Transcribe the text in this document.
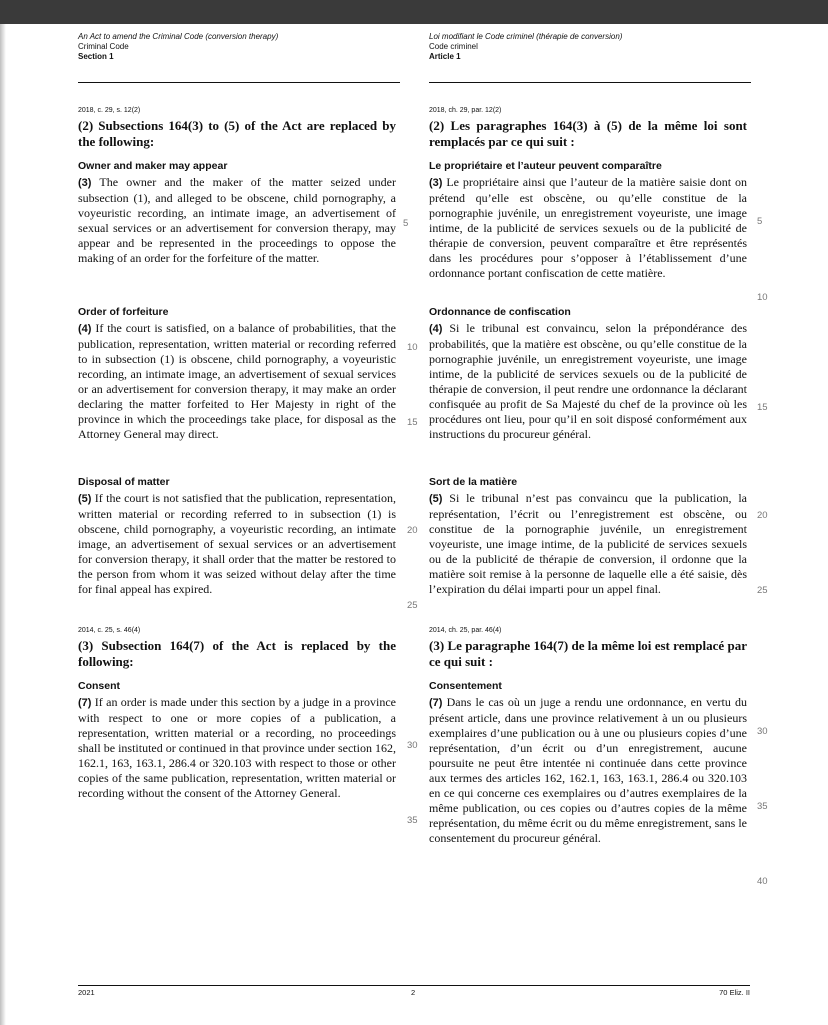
An Act to amend the Criminal Code (conversion therapy)
Criminal Code
Section 1
Loi modifiant le Code criminel (thérapie de conversion)
Code criminel
Article 1
2018, c. 29, s. 12(2)
(2) Subsections 164(3) to (5) of the Act are replaced by the following:
Owner and maker may appear
(3) The owner and the maker of the matter seized under subsection (1), and alleged to be obscene, child pornography, a voyeuristic recording, an intimate image, an advertisement of sexual services or an advertisement for conversion therapy, may appear and be represented in the proceedings to oppose the making of an order for the forfeiture of the matter.
Order of forfeiture
(4) If the court is satisfied, on a balance of probabilities, that the publication, representation, written material or recording referred to in subsection (1) is obscene, child pornography, a voyeuristic recording, an intimate image, an advertisement of sexual services or an advertisement for conversion therapy, it may make an order declaring the matter forfeited to Her Majesty in right of the province in which the proceedings take place, for disposal as the Attorney General may direct.
Disposal of matter
(5) If the court is not satisfied that the publication, representation, written material or recording referred to in subsection (1) is obscene, child pornography, a voyeuristic recording, an intimate image, an advertisement of sexual services or an advertisement for conversion therapy, it shall order that the matter be restored to the person from whom it was seized without delay after the time for final appeal has expired.
2014, c. 25, s. 46(4)
(3) Subsection 164(7) of the Act is replaced by the following:
Consent
(7) If an order is made under this section by a judge in a province with respect to one or more copies of a publication, a representation, written material or a recording, no proceedings shall be instituted or continued in that province under section 162, 162.1, 163, 163.1, 286.4 or 320.103 with respect to those or other copies of the same publication, representation, written material or recording without the consent of the Attorney General.
2018, ch. 29, par. 12(2)
(2) Les paragraphes 164(3) à (5) de la même loi sont remplacés par ce qui suit :
Le propriétaire et l’auteur peuvent comparaître
(3) Le propriétaire ainsi que l’auteur de la matière saisie dont on prétend qu’elle est obscène, ou qu’elle constitue de la pornographie juvénile, un enregistrement voyeuriste, une image intime, de la publicité de services sexuels ou de la publicité de thérapie de conversion, peuvent comparaître et être représentés dans les procédures pour s’opposer à l’établissement d’une ordonnance portant confiscation de cette matière.
Ordonnance de confiscation
(4) Si le tribunal est convaincu, selon la prépondérance des probabilités, que la matière est obscène, ou qu’elle constitue de la pornographie juvénile, un enregistrement voyeuriste, une image intime, de la publicité de services sexuels ou de la publicité de thérapie de conversion, il peut rendre une ordonnance la déclarant confisquée au profit de Sa Majesté du chef de la province où les procédures ont lieu, pour qu’il en soit disposé conformément aux instructions du procureur général.
Sort de la matière
(5) Si le tribunal n’est pas convaincu que la publication, la représentation, l’écrit ou l’enregistrement est obscène, ou constitue de la pornographie juvénile, un enregistrement voyeuriste, une image intime, de la publicité de services sexuels ou de la publicité de thérapie de conversion, il ordonne que la matière soit remise à la personne de laquelle elle a été saisie, dès l’expiration du délai imparti pour un appel final.
2014, ch. 25, par. 46(4)
(3) Le paragraphe 164(7) de la même loi est remplacé par ce qui suit :
Consentement
(7) Dans le cas où un juge a rendu une ordonnance, en vertu du présent article, dans une province relativement à un ou plusieurs exemplaires d’une publication ou à une ou plusieurs copies d’une représentation, d’un écrit ou d’un enregistrement, aucune poursuite ne peut être intentée ni continuée dans cette province aux termes des articles 162, 162.1, 163, 163.1, 286.4 ou 320.103 en ce qui concerne ces exemplaires ou d’autres exemplaires de la même publication, ou ces copies ou d’autres copies de la même représentation, du même écrit ou du même enregistrement, sans le consentement du procureur général.
5
10
15
20
25
30
35
5
10
15
20
25
30
35
40
2021	2	70 Eliz. II
